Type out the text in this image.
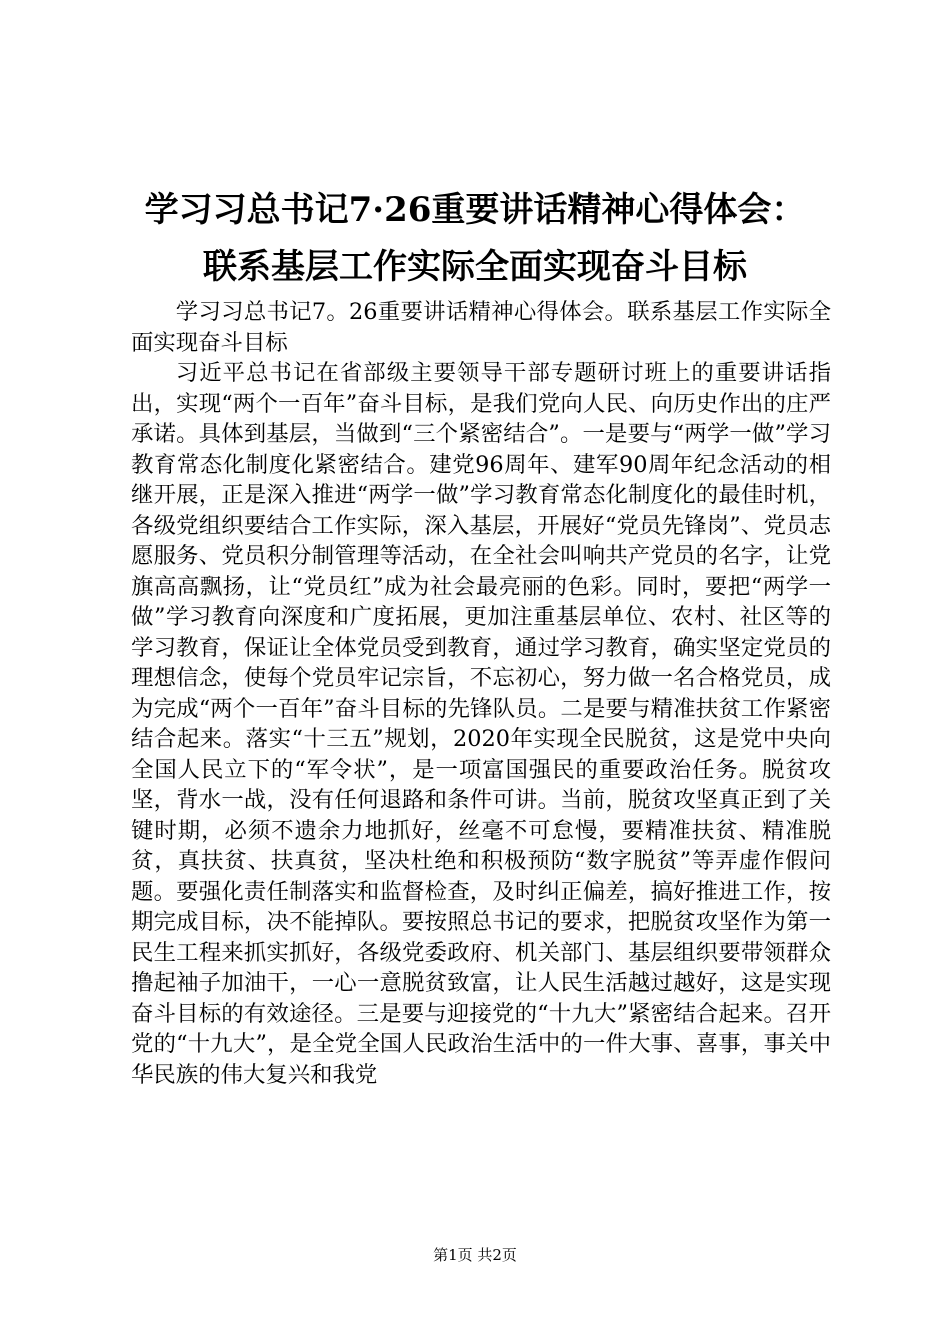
学习习总书记7·26重要讲话精神心得体会：
联系基层工作实际全面实现奋斗目标

学习习总书记7。26重要讲话精神心得体会。联系基层工作实际全面实现奋斗目标

习近平总书记在省部级主要领导干部专题研讨班上的重要讲话指出，实现“两个一百年”奋斗目标，是我们党向人民、向历史作出的庄严承诺。具体到基层，当做到“三个紧密结合”。一是要与“两学一做”学习教育常态化制度化紧密结合。建党96周年、建军90周年纪念活动的相继开展，正是深入推进“两学一做”学习教育常态化制度化的最佳时机，各级党组织要结合工作实际，深入基层，开展好“党员先锋岗”、党员志愿服务、党员积分制管理等活动，在全社会叫响共产党员的名字，让党旗高高飘扬，让“党员红”成为社会最亮丽的色彩。同时，要把“两学一做”学习教育向深度和广度拓展，更加注重基层单位、农村、社区等的学习教育，保证让全体党员受到教育，通过学习教育，确实坚定党员的理想信念，使每个党员牢记宗旨，不忘初心，努力做一名合格党员，成为完成“两个一百年”奋斗目标的先锋队员。二是要与精准扶贫工作紧密结合起来。落实“十三五”规划，2020年实现全民脱贫，这是党中央向全国人民立下的“军令状”，是一项富国强民的重要政治任务。脱贫攻坚，背水一战，没有任何退路和条件可讲。当前，脱贫攻坚真正到了关键时期，必须不遗余力地抓好，丝毫不可怠慢，要精准扶贫、精准脱贫，真扶贫、扶真贫，坚决杜绝和积极预防“数字脱贫”等弄虚作假问题。要强化责任制落实和监督检查，及时纠正偏差，搞好推进工作，按期完成目标，决不能掉队。要按照总书记的要求，把脱贫攻坚作为第一民生工程来抓实抓好，各级党委政府、机关部门、基层组织要带领群众撸起袖子加油干，一心一意脱贫致富，让人民生活越过越好，这是实现奋斗目标的有效途径。三是要与迎接党的“十九大”紧密结合起来。召开党的“十九大”，是全党全国人民政治生活中的一件大事、喜事，事关中华民族的伟大复兴和我党

第1页 共2页
